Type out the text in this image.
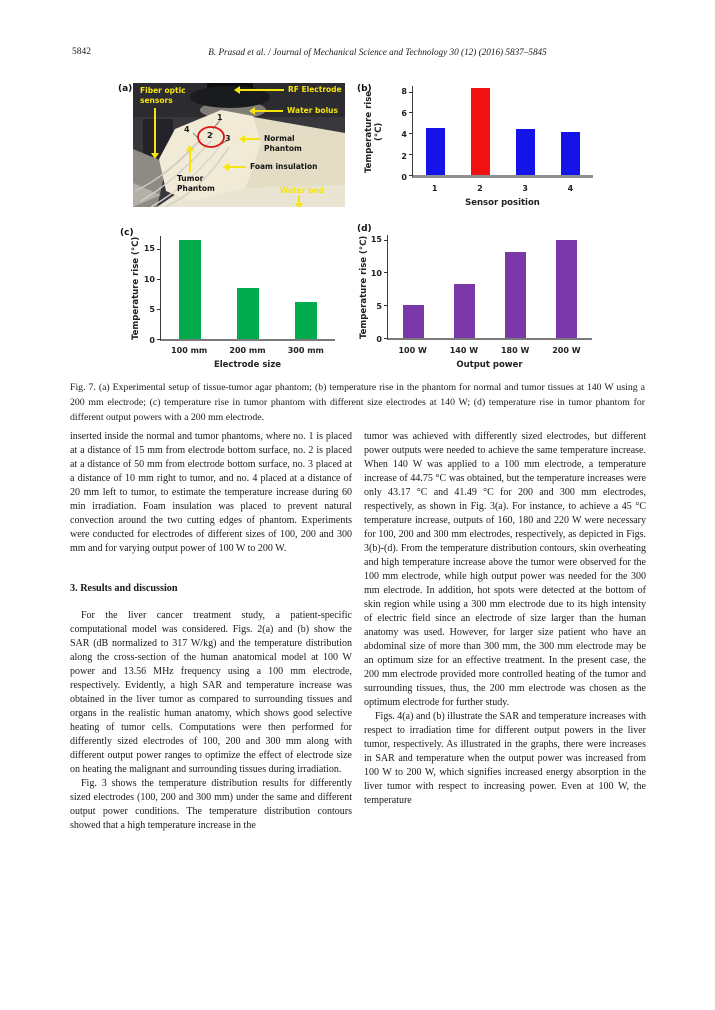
5842	B. Prasad et al. / Journal of Mechanical Science and Technology 30 (12) (2016) 5837–5845
(a) Fiber optic sensors
RF Electrode
Water bolus
1
4
2 3	Normal Phantom
Foam insulation
Tumor Phantom	Water bed
(b)
Temperature rise (°C)
0
2
4
6
8
1	2	3	4
Sensor position
(c)
Temperature rise (°C)
0
5
10
15
100 mm	200 mm	300 mm
Electrode size
(d)
Temperature rise (°C)
0
5
10
15
100 W	140 W	180 W	200 W
Output power
Fig. 7. (a) Experimental setup of tissue-tumor agar phantom; (b) temperature rise in the phantom for normal and tumor tissues at 140 W using a 200 mm electrode; (c) temperature rise in tumor phantom with different size electrodes at 140 W; (d) temperature rise in tumor phantom for different output powers with a 200 mm electrode.

inserted inside the normal and tumor phantoms, where no. 1 is placed at a distance of 15 mm from electrode bottom surface, no. 2 is placed at a distance of 50 mm from electrode bottom surface, no. 3 placed at a distance of 10 mm right to tumor, and no. 4 placed at a distance of 20 mm left to tumor, to estimate the temperature increase during 60 min irradiation. Foam insulation was placed to prevent natural convection around the two cutting edges of phantom. Experiments were conducted for electrodes of different sizes of 100, 200 and 300 mm and for varying output power of 100 W to 200 W.

3. Results and discussion

For the liver cancer treatment study, a patient-specific computational model was considered. Figs. 2(a) and (b) show the SAR (dB normalized to 317 W/kg) and the temperature distribution along the cross-section of the human anatomical model at 100 W power and 13.56 MHz frequency using a 100 mm electrode, respectively. Evidently, a high SAR and temperature increase was obtained in the liver tumor as compared to surrounding tissues and organs in the realistic human anatomy, which shows good selective heating of tumor cells. Computations were then performed for differently sized electrodes of 100, 200 and 300 mm along with different output power ranges to optimize the effect of electrode size on heating the malignant and surrounding tissues during irradiation.

Fig. 3 shows the temperature distribution results for differently sized electrodes (100, 200 and 300 mm) under the same and different output power conditions. The temperature distribution contours showed that a high temperature increase in the

tumor was achieved with differently sized electrodes, but different power outputs were needed to achieve the same temperature increase. When 140 W was applied to a 100 mm electrode, a temperature increase of 44.75 °C was obtained, but the temperature increases were only 43.17 °C and 41.49 °C for 200 and 300 mm electrodes, respectively, as shown in Fig. 3(a). For instance, to achieve a 45 °C temperature increase, outputs of 160, 180 and 220 W were necessary for 100, 200 and 300 mm electrodes, respectively, as depicted in Figs. 3(b)-(d). From the temperature distribution contours, skin overheating and high temperature increase above the tumor were observed for the 100 mm electrode, while high output power was needed for the 300 mm electrode. In addition, hot spots were detected at the bottom of skin region while using a 300 mm electrode due to its high intensity of electric field since an electrode of size larger than the human anatomy was used. However, for larger size patient who have an abdominal size of more than 300 mm, the 300 mm electrode may be an optimum size for an effective treatment. In the present case, the 200 mm electrode provided more controlled heating of the tumor and surrounding tissues, thus, the 200 mm electrode was chosen as the optimum electrode for further study.

Figs. 4(a) and (b) illustrate the SAR and temperature increases with respect to irradiation time for different output powers in the liver tumor, respectively. As illustrated in the graphs, there were increases in SAR and temperature when the output power was increased from 100 W to 200 W, which signifies increased energy absorption in the liver tumor with respect to increasing power. Even at 100 W, the temperature
